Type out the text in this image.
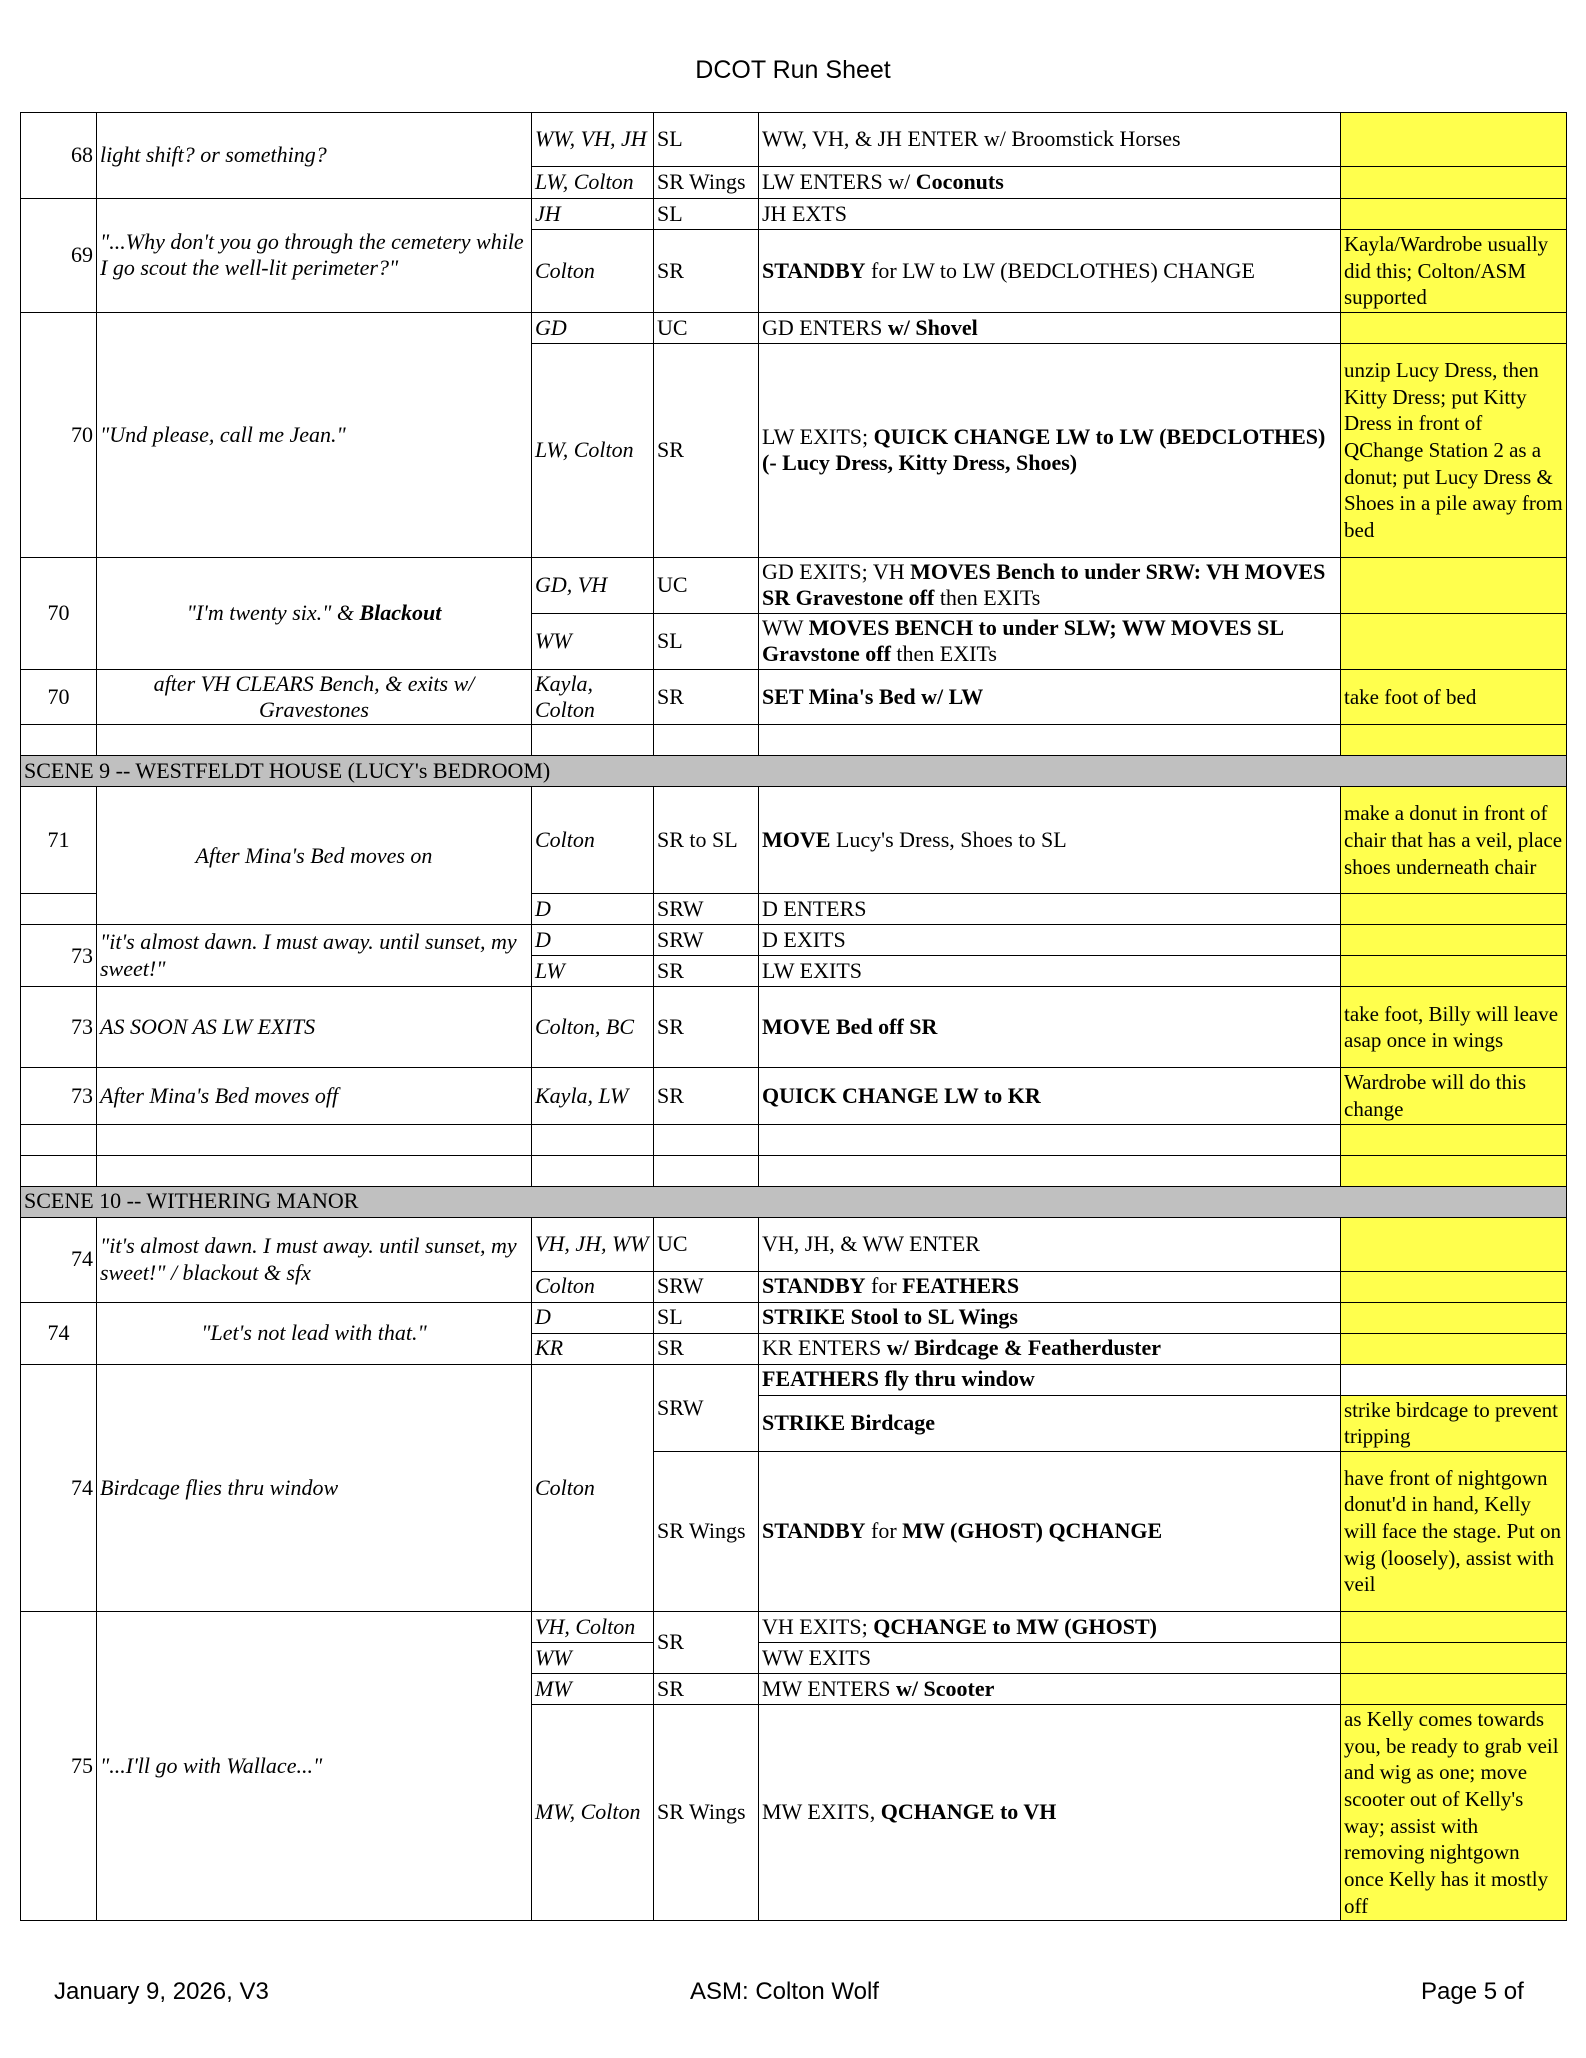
DCOT Run Sheet
68	light shift? or something?	WW, VH, JH	SL	WW, VH, & JH ENTER w/ Broomstick Horses	
		LW, Colton	SR Wings	LW ENTERS w/ Coconuts	
69	"...Why don't you go through the cemetery while I go scout the well-lit perimeter?"	JH	SL	JH EXTS	
		Colton	SR	STANDBY for LW to LW (BEDCLOTHES) CHANGE	Kayla/Wardrobe usually did this; Colton/ASM supported
70	"Und please, call me Jean."	GD	UC	GD ENTERS w/ Shovel	
		LW, Colton	SR	LW EXITS; QUICK CHANGE LW to LW (BEDCLOTHES) (- Lucy Dress, Kitty Dress, Shoes)	unzip Lucy Dress, then Kitty Dress; put Kitty Dress in front of QChange Station 2 as a donut; put Lucy Dress & Shoes in a pile away from bed
70	"I'm twenty six." & Blackout	GD, VH	UC	GD EXITS; VH MOVES Bench to under SRW: VH MOVES SR Gravestone off then EXITs	
		WW	SL	WW MOVES BENCH to under SLW; WW MOVES SL Gravstone off then EXITs	
70	after VH CLEARS Bench, & exits w/ Gravestones	Kayla, Colton	SR	SET Mina's Bed w/ LW	take foot of bed

SCENE 9 -- WESTFELDT HOUSE (LUCY's BEDROOM)					
71	After Mina's Bed moves on	Colton	SR to SL	MOVE Lucy's Dress, Shoes to SL	make a donut in front of chair that has a veil, place shoes underneath chair
		D	SRW	D ENTERS	
73	"it's almost dawn. I must away. until sunset, my sweet!"	D	SRW	D EXITS	
		LW	SR	LW EXITS	
73	AS SOON AS LW EXITS	Colton, BC	SR	MOVE Bed off SR	take foot, Billy will leave asap once in wings
73	After Mina's Bed moves off	Kayla, LW	SR	QUICK CHANGE LW to KR	Wardrobe will do this change

SCENE 10 -- WITHERING MANOR					
74	"it's almost dawn. I must away. until sunset, my sweet!" / blackout & sfx	VH, JH, WW	UC	VH, JH, & WW ENTER	
		Colton	SRW	STANDBY for FEATHERS	
74	"Let's not lead with that."	D	SL	STRIKE Stool to SL Wings	
		KR	SR	KR ENTERS w/ Birdcage & Featherduster	
74	Birdcage flies thru window	Colton	SRW	FEATHERS fly thru window	
				STRIKE Birdcage	strike birdcage to prevent tripping
			SR Wings	STANDBY for MW (GHOST) QCHANGE	have front of nightgown donut'd in hand, Kelly will face the stage. Put on wig (loosely), assist with veil
75	"...I'll go with Wallace..."	VH, Colton	SR	VH EXITS; QCHANGE to MW (GHOST)	
		WW		WW EXITS	
		MW	SR	MW ENTERS w/ Scooter	
		MW, Colton	SR Wings	MW EXITS, QCHANGE to VH	as Kelly comes towards you, be ready to grab veil and wig as one; move scooter out of Kelly's way; assist with removing nightgown once Kelly has it mostly off
January 9, 2026, V3	ASM: Colton Wolf	Page 5 of
